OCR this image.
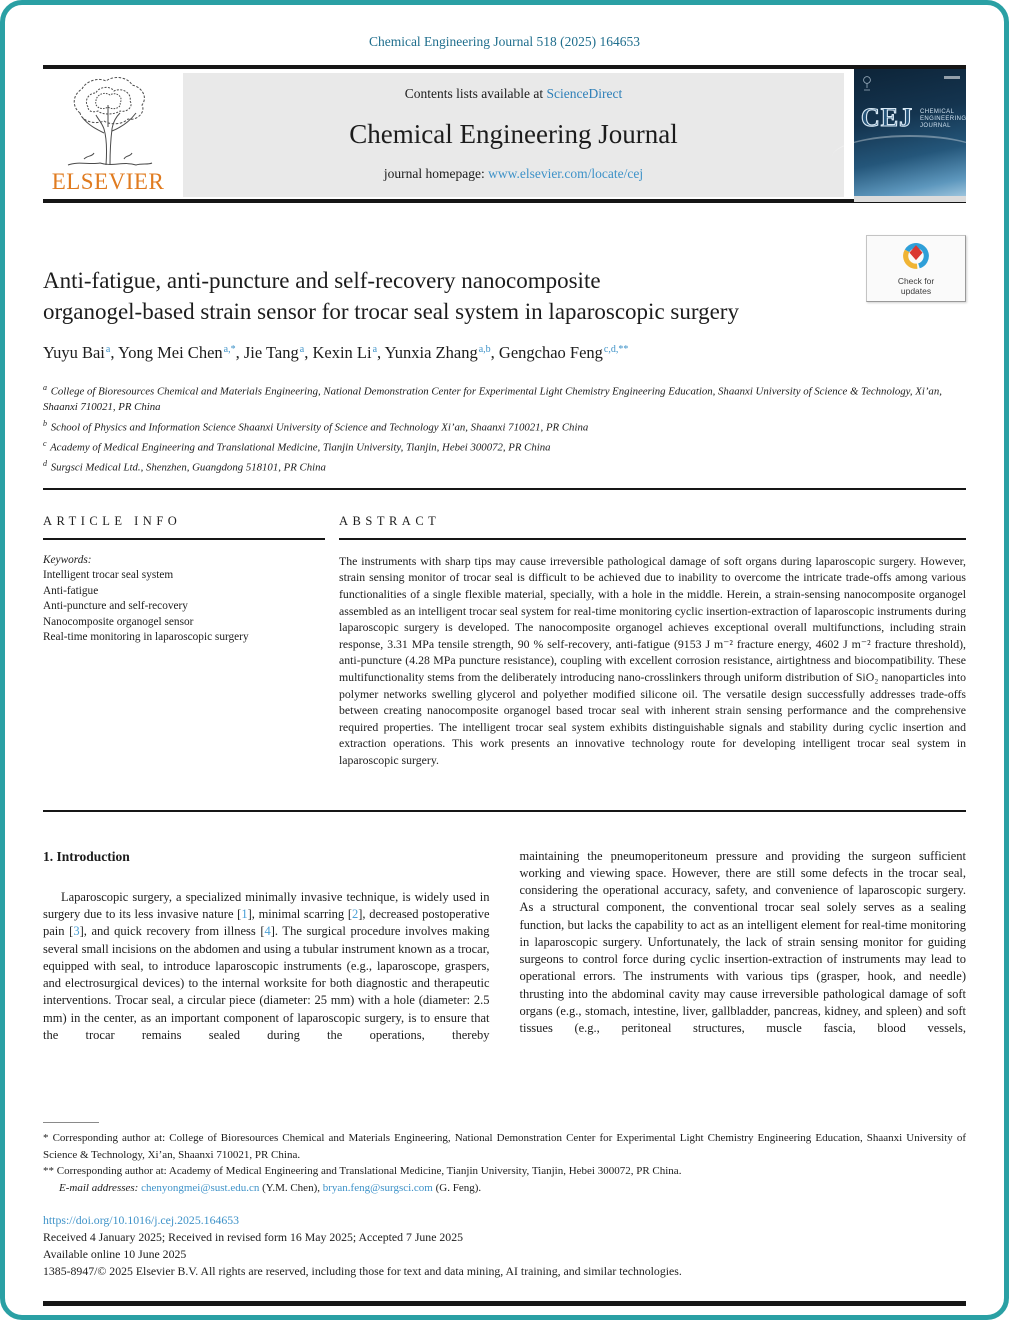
Chemical Engineering Journal 518 (2025) 164653
ELSEVIER
Contents lists available at ScienceDirect
Chemical Engineering Journal
journal homepage: www.elsevier.com/locate/cej
CEJ CHEMICAL ENGINEERING JOURNAL
Anti-fatigue, anti-puncture and self-recovery nanocomposite
organogel-based strain sensor for trocar seal system in laparoscopic surgery
Check for
updates
Yuyu Bai$^a$, Yong Mei Chen$^{a,*}$, Jie Tang$^a$, Kexin Li$^a$, Yunxia Zhang$^{a,b}$, Gengchao Feng$^{c,d,**}$
$^a$ College of Bioresources Chemical and Materials Engineering, National Demonstration Center for Experimental Light Chemistry Engineering Education, Shaanxi University of Science & Technology, Xi’an, Shaanxi 710021, PR China
$^b$ School of Physics and Information Science Shaanxi University of Science and Technology Xi’an, Shaanxi 710021, PR China
$^c$ Academy of Medical Engineering and Translational Medicine, Tianjin University, Tianjin, Hebei 300072, PR China
$^d$ Surgsci Medical Ltd., Shenzhen, Guangdong 518101, PR China
ARTICLE INFO
Keywords:
Intelligent trocar seal system
Anti-fatigue
Anti-puncture and self-recovery
Nanocomposite organogel sensor
Real-time monitoring in laparoscopic surgery
ABSTRACT
The instruments with sharp tips may cause irreversible pathological damage of soft organs during laparoscopic surgery. However, strain sensing monitor of trocar seal is difficult to be achieved due to inability to overcome the intricate trade-offs among various functionalities of a single flexible material, specially, with a hole in the middle. Herein, a strain-sensing nanocomposite organogel assembled as an intelligent trocar seal system for real-time monitoring cyclic insertion-extraction of laparoscopic instruments during laparoscopic surgery is developed. The nanocomposite organogel achieves exceptional overall multifunctions, including strain response, 3.31 MPa tensile strength, 90 % self-recovery, anti-fatigue (9153 J m⁻² fracture energy, 4602 J m⁻² fracture threshold), anti-puncture (4.28 MPa puncture resistance), coupling with excellent corrosion resistance, airtightness and biocompatibility. These multifunctionality stems from the deliberately introducing nano-crosslinkers through uniform distribution of SiO₂ nanoparticles into polymer networks swelling glycerol and polyether modified silicone oil. The versatile design successfully addresses trade-offs between creating nanocomposite organogel based trocar seal with inherent strain sensing performance and the comprehensive required properties. The intelligent trocar seal system exhibits distinguishable signals and stability during cyclic insertion and extraction operations. This work presents an innovative technology route for developing intelligent trocar seal system in laparoscopic surgery.
1. Introduction

Laparoscopic surgery, a specialized minimally invasive technique, is widely used in surgery due to its less invasive nature [1], minimal scarring [2], decreased postoperative pain [3], and quick recovery from illness [4]. The surgical procedure involves making several small incisions on the abdomen and using a tubular instrument known as a trocar, equipped with seal, to introduce laparoscopic instruments (e.g., laparoscope, graspers, and electrosurgical devices) to the internal worksite for both diagnostic and therapeutic interventions. Trocar seal, a circular piece (diameter: 25 mm) with a hole (diameter: 2.5 mm) in the center, as an important component of laparoscopic surgery, is to ensure that the trocar remains sealed during the operations, thereby

maintaining the pneumoperitoneum pressure and providing the surgeon sufficient working and viewing space. However, there are still some defects in the trocar seal, considering the operational accuracy, safety, and convenience of laparoscopic surgery. As a structural component, the conventional trocar seal solely serves as a sealing function, but lacks the capability to act as an intelligent element for real-time monitoring in laparoscopic surgery. Unfortunately, the lack of strain sensing monitor for guiding surgeons to control force during cyclic insertion-extraction of instruments may lead to operational errors. The instruments with various tips (grasper, hook, and needle) thrusting into the abdominal cavity may cause irreversible pathological damage of soft organs (e.g., stomach, intestine, liver, gallbladder, pancreas, kidney, and spleen) and soft tissues (e.g., peritoneal structures, muscle fascia, blood vessels,

* Corresponding author at: College of Bioresources Chemical and Materials Engineering, National Demonstration Center for Experimental Light Chemistry Engineering Education, Shaanxi University of Science & Technology, Xi’an, Shaanxi 710021, PR China.
** Corresponding author at: Academy of Medical Engineering and Translational Medicine, Tianjin University, Tianjin, Hebei 300072, PR China.
E-mail addresses: chenyongmei@sust.edu.cn (Y.M. Chen), bryan.feng@surgsci.com (G. Feng).
https://doi.org/10.1016/j.cej.2025.164653
Received 4 January 2025; Received in revised form 16 May 2025; Accepted 7 June 2025
Available online 10 June 2025
1385-8947/© 2025 Elsevier B.V. All rights are reserved, including those for text and data mining, AI training, and similar technologies.
